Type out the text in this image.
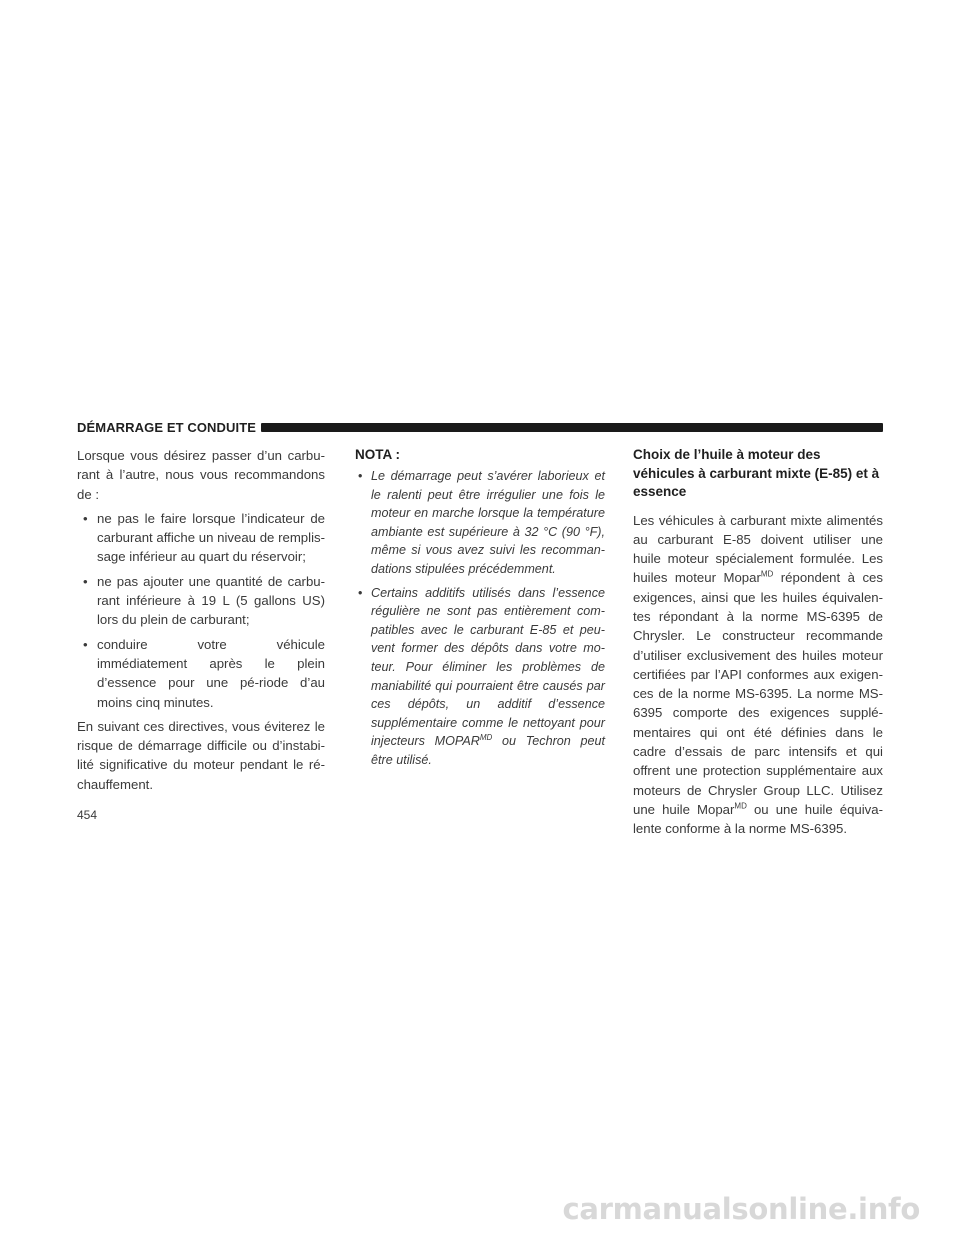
DÉMARRAGE ET CONDUITE

Lorsque vous désirez passer d’un carbu-rant à l’autre, nous vous recommandons de :

• ne pas le faire lorsque l’indicateur de carburant affiche un niveau de remplis-sage inférieur au quart du réservoir;
• ne pas ajouter une quantité de carbu-rant inférieure à 19 L (5 gallons US) lors du plein de carburant;
• conduire votre véhicule immédiatement après le plein d’essence pour une pé-riode d’au moins cinq minutes.

En suivant ces directives, vous éviterez le risque de démarrage difficile ou d’instabi-lité significative du moteur pendant le ré-chauffement.

NOTA :
• Le démarrage peut s’avérer laborieux et le ralenti peut être irrégulier une fois le moteur en marche lorsque la température ambiante est supérieure à 32 °C (90 °F), même si vous avez suivi les recomman-dations stipulées précédemment.
• Certains additifs utilisés dans l’essence régulière ne sont pas entièrement com-patibles avec le carburant E-85 et peu-vent former des dépôts dans votre mo-teur. Pour éliminer les problèmes de maniabilité qui pourraient être causés par ces dépôts, un additif d’essence supplémentaire comme le nettoyant pour injecteurs $MOPAR^{MD}$ ou Techron peut être utilisé.
Choix de l’huile à moteur des véhicules à carburant mixte (E-85) et à essence

Les véhicules à carburant mixte alimentés au carburant E-85 doivent utiliser une huile moteur spécialement formulée. Les huiles moteur Mopar$^{MD}$ répondent à ces exigences, ainsi que les huiles équivalen-tes répondant à la norme MS-6395 de Chrysler. Le constructeur recommande d’utiliser exclusivement des huiles moteur certifiées par l’API conformes aux exigen-ces de la norme MS-6395. La norme MS-6395 comporte des exigences supplé-mentaires qui ont été définies dans le cadre d’essais de parc intensifs et qui offrent une protection supplémentaire aux moteurs de Chrysler Group LLC. Utilisez une huile Mopar$^{MD}$ ou une huile équiva-lente conforme à la norme MS-6395.

454
carmanualsonline.info
